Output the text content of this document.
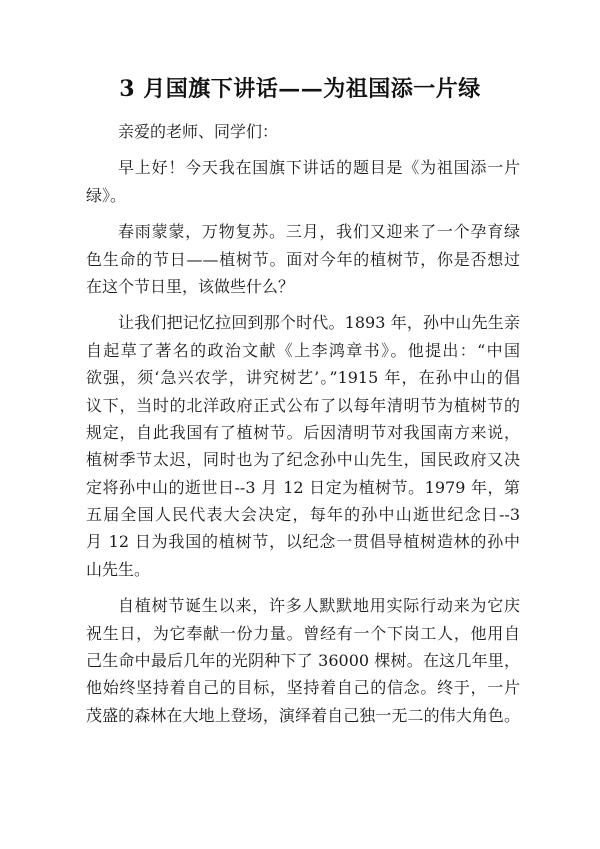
3 月国旗下讲话——为祖国添一片绿
亲爱的老师、同学们：
早上好！今天我在国旗下讲话的题目是《为祖国添一片
绿》。
春雨蒙蒙，万物复苏。三月，我们又迎来了一个孕育绿
色生命的节日——植树节。面对今年的植树节，你是否想过
在这个节日里，该做些什么？
让我们把记忆拉回到那个时代。1893 年，孙中山先生亲
自起草了著名的政治文献《上李鸿章书》。他提出：“中国
欲强，须‘急兴农学，讲究树艺’。”1915 年，在孙中山的倡
议下，当时的北洋政府正式公布了以每年清明节为植树节的
规定，自此我国有了植树节。后因清明节对我国南方来说，
植树季节太迟，同时也为了纪念孙中山先生，国民政府又决
定将孙中山的逝世日--3 月 12 日定为植树节。1979 年，第
五届全国人民代表大会决定，每年的孙中山逝世纪念日--3
月 12 日为我国的植树节，以纪念一贯倡导植树造林的孙中
山先生。
自植树节诞生以来，许多人默默地用实际行动来为它庆
祝生日，为它奉献一份力量。曾经有一个下岗工人，他用自
己生命中最后几年的光阴种下了 36000 棵树。在这几年里，
他始终坚持着自己的目标，坚持着自己的信念。终于，一片
茂盛的森林在大地上登场，演绎着自己独一无二的伟大角色。
